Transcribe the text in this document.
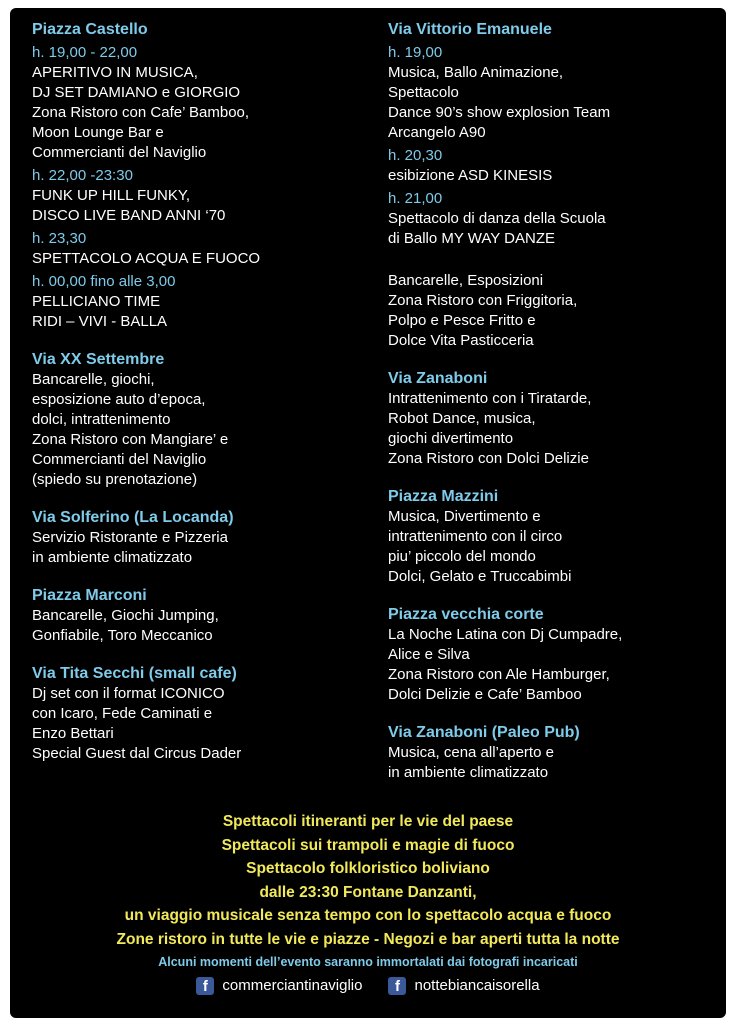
Piazza Castello
h. 19,00 - 22,00
APERITIVO IN MUSICA,
DJ SET DAMIANO e GIORGIO
Zona Ristoro con Cafe’ Bamboo,
Moon Lounge Bar e
Commercianti del Naviglio
h. 22,00 -23:30
FUNK UP HILL FUNKY,
DISCO LIVE BAND ANNI ‘70
h. 23,30
SPETTACOLO ACQUA E FUOCO
h. 00,00 fino alle 3,00
PELLICIANO TIME
RIDI – VIVI - BALLA
Via XX Settembre
Bancarelle, giochi,
esposizione auto d’epoca,
dolci, intrattenimento
Zona Ristoro con Mangiare’ e
Commercianti del Naviglio
(spiedo su prenotazione)
Via Solferino (La Locanda)
Servizio Ristorante e Pizzeria
in ambiente climatizzato
Piazza Marconi
Bancarelle, Giochi Jumping,
Gonfiabile, Toro Meccanico
Via Tita Secchi (small cafe)
Dj set con il format ICONICO
con Icaro, Fede Caminati e
Enzo Bettari
Special Guest dal Circus Dader
Via Vittorio Emanuele
h. 19,00
Musica, Ballo Animazione,
Spettacolo
Dance 90’s show explosion Team
Arcangelo A90
h. 20,30
esibizione ASD KINESIS
h. 21,00
Spettacolo di danza della Scuola
di Ballo MY WAY DANZE

Bancarelle, Esposizioni
Zona Ristoro con Friggitoria,
Polpo e Pesce Fritto e
Dolce Vita Pasticceria
Via Zanaboni
Intrattenimento con i Tiratarde,
Robot Dance, musica,
giochi divertimento
Zona Ristoro con Dolci Delizie
Piazza Mazzini
Musica, Divertimento e
intrattenimento con il circo
piu’ piccolo del mondo
Dolci, Gelato e Truccabimbi
Piazza vecchia corte
La Noche Latina con Dj Cumpadre,
Alice e Silva
Zona Ristoro con Ale Hamburger,
Dolci Delizie e Cafe’ Bamboo
Via Zanaboni (Paleo Pub)
Musica, cena all’aperto e
in ambiente climatizzato
Spettacoli itineranti per le vie del paese
Spettacoli sui trampoli e magie di fuoco
Spettacolo folkloristico boliviano
dalle 23:30 Fontane Danzanti,
un viaggio musicale senza tempo con lo spettacolo acqua e fuoco
Zone ristoro in tutte le vie e piazze - Negozi e bar aperti tutta la notte
Alcuni momenti dell’evento saranno immortalati dai fotografi incaricati
f commerciantinaviglio	f nottebiancaisorella
